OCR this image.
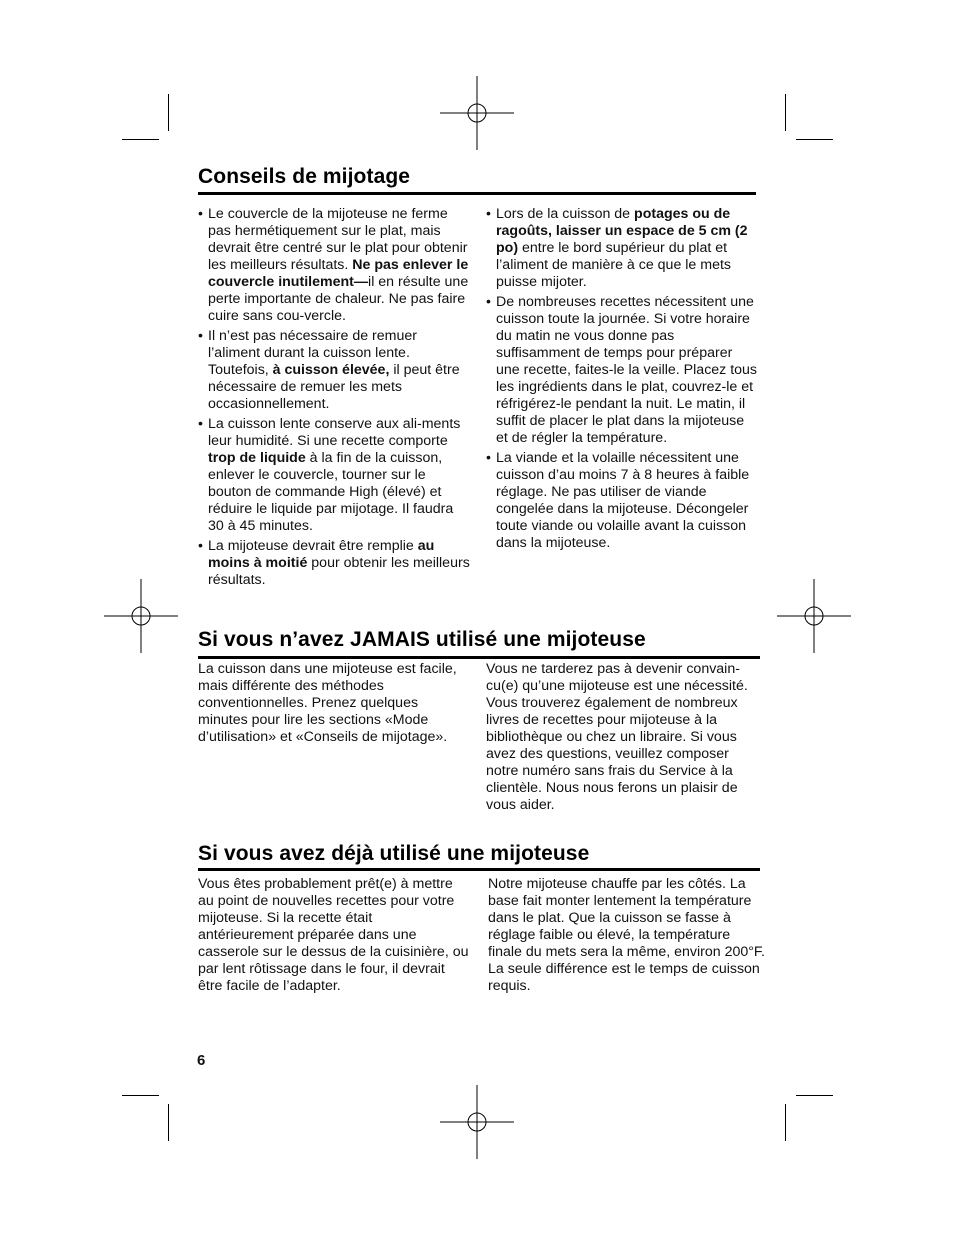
Conseils de mijotage
• Le couvercle de la mijoteuse ne ferme pas hermétiquement sur le plat, mais devrait être centré sur le plat pour obtenir les meilleurs résultats. Ne pas enlever le couvercle inutilement—il en résulte une perte importante de chaleur. Ne pas faire cuire sans cou-vercle.
• Il n’est pas nécessaire de remuer l’aliment durant la cuisson lente. Toutefois, à cuisson élevée, il peut être nécessaire de remuer les mets occasionnellement.
• La cuisson lente conserve aux ali-ments leur humidité. Si une recette comporte trop de liquide à la fin de la cuisson, enlever le couvercle, tourner sur le bouton de commande High (élevé) et réduire le liquide par mijotage. Il faudra 30 à 45 minutes.
• La mijoteuse devrait être remplie au moins à moitié pour obtenir les meilleurs résultats.
• Lors de la cuisson de potages ou de ragoûts, laisser un espace de 5 cm (2 po) entre le bord supérieur du plat et l’aliment de manière à ce que le mets puisse mijoter.
• De nombreuses recettes nécessitent une cuisson toute la journée. Si votre horaire du matin ne vous donne pas suffisamment de temps pour préparer une recette, faites-le la veille. Placez tous les ingrédients dans le plat, couvrez-le et réfrigérez-le pendant la nuit. Le matin, il suffit de placer le plat dans la mijoteuse et de régler la température.
• La viande et la volaille nécessitent une cuisson d’au moins 7 à 8 heures à faible réglage. Ne pas utiliser de viande congelée dans la mijoteuse. Décongeler toute viande ou volaille avant la cuisson dans la mijoteuse.
Si vous n’avez JAMAIS utilisé une mijoteuse

La cuisson dans une mijoteuse est facile, mais différente des méthodes conventionnelles. Prenez quelques minutes pour lire les sections «Mode d’utilisation» et «Conseils de mijotage».

Vous ne tarderez pas à devenir convain-cu(e) qu’une mijoteuse est une nécessité. Vous trouverez également de nombreux livres de recettes pour mijoteuse à la bibliothèque ou chez un libraire. Si vous avez des questions, veuillez composer notre numéro sans frais du Service à la clientèle. Nous nous ferons un plaisir de vous aider.

Si vous avez déjà utilisé une mijoteuse

Vous êtes probablement prêt(e) à mettre au point de nouvelles recettes pour votre mijoteuse. Si la recette était antérieurement préparée dans une casserole sur le dessus de la cuisinière, ou par lent rôtissage dans le four, il devrait être facile de l’adapter.

Notre mijoteuse chauffe par les côtés. La base fait monter lentement la température dans le plat. Que la cuisson se fasse à réglage faible ou élevé, la température finale du mets sera la même, environ 200°F. La seule différence est le temps de cuisson requis.

6
